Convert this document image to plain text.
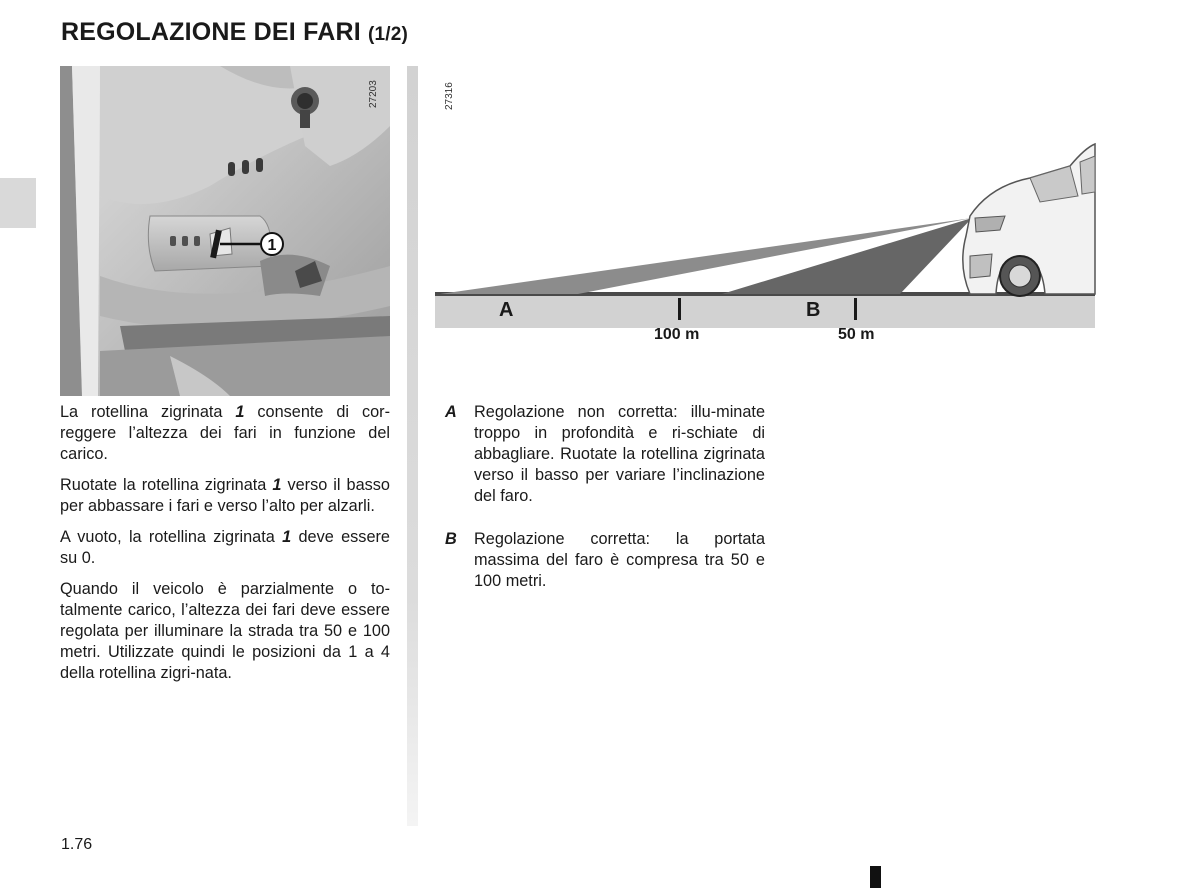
REGOLAZIONE DEI FARI (1/2)
1
27203

La rotellina zigrinata 1 consente di cor-reggere l’altezza dei fari in funzione del carico.

Ruotate la rotellina zigrinata 1 verso il basso per abbassare i fari e verso l’alto per alzarli.

A vuoto, la rotellina zigrinata 1 deve essere su 0.

Quando il veicolo è parzialmente o to-talmente carico, l’altezza dei fari deve essere regolata per illuminare la strada tra 50 e 100 metri. Utilizzate quindi le posizioni da 1 a 4 della rotellina zigri-nata.

27316
A	B
100 m	50 m
A	Regolazione non corretta: illu-minate troppo in profondità e ri-schiate di abbagliare. Ruotate la rotellina zigrinata verso il basso per variare l’inclinazione del faro.
B	Regolazione corretta: la portata massima del faro è compresa tra 50 e 100 metri.
1.76
